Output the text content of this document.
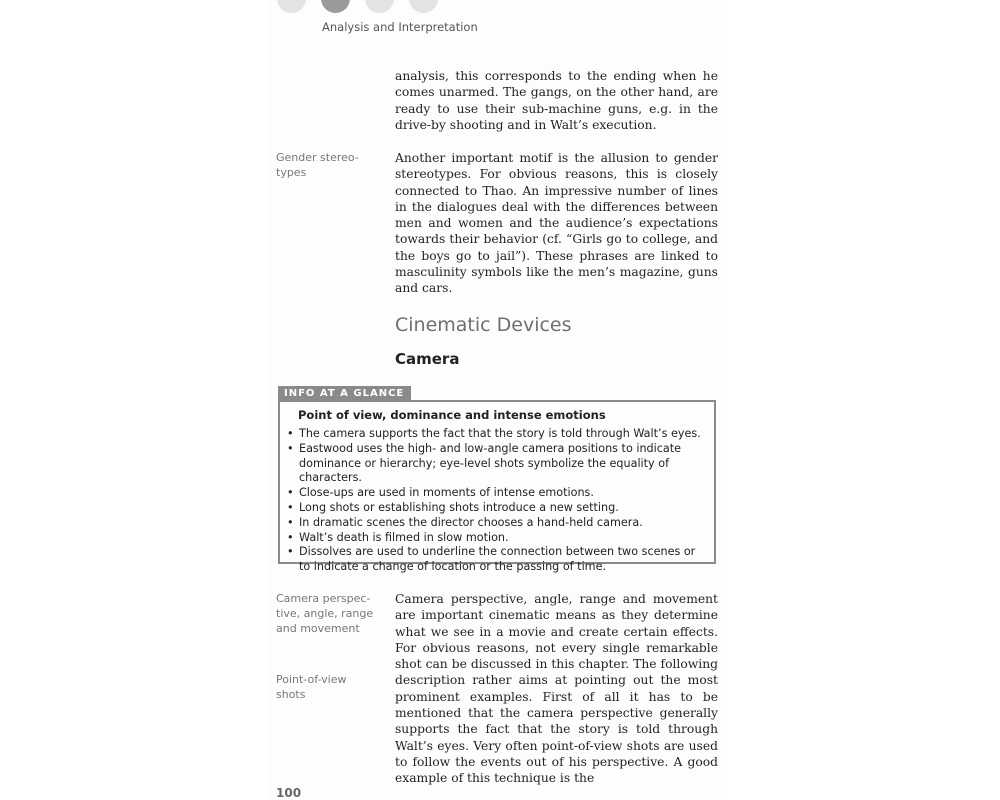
Analysis and Interpretation

analysis, this corresponds to the ending when he comes unarmed. The gangs, on the other hand, are ready to use their sub-machine guns, e.g. in the drive-by shooting and in Walt’s execution.

Gender stereo-types

Another important motif is the allusion to gender stereotypes. For obvious reasons, this is closely connected to Thao. An impressive number of lines in the dialogues deal with the differences between men and women and the audience’s expectations towards their behavior (cf. “Girls go to college, and the boys go to jail”). These phrases are linked to masculinity symbols like the men’s magazine, guns and cars.

Cinematic Devices
Camera
INFO AT A GLANCE
Point of view, dominance and intense emotions
• The camera supports the fact that the story is told through Walt’s eyes.
• Eastwood uses the high- and low-angle camera positions to indicate dominance or hierarchy; eye-level shots symbolize the equality of characters.
• Close-ups are used in moments of intense emotions.
• Long shots or establishing shots introduce a new setting.
• In dramatic scenes the director chooses a hand-held camera.
• Walt’s death is filmed in slow motion.
• Dissolves are used to underline the connection between two scenes or to indicate a change of location or the passing of time.
Camera perspec-tive, angle, range and movement
Point-of-view shots

Camera perspective, angle, range and movement are important cinematic means as they determine what we see in a movie and create certain effects. For obvious reasons, not every single remarkable shot can be discussed in this chapter. The following description rather aims at pointing out the most prominent examples. First of all it has to be mentioned that the camera perspective generally supports the fact that the story is told through Walt’s eyes. Very often point-of-view shots are used to follow the events out of his perspective. A good example of this technique is the

100
